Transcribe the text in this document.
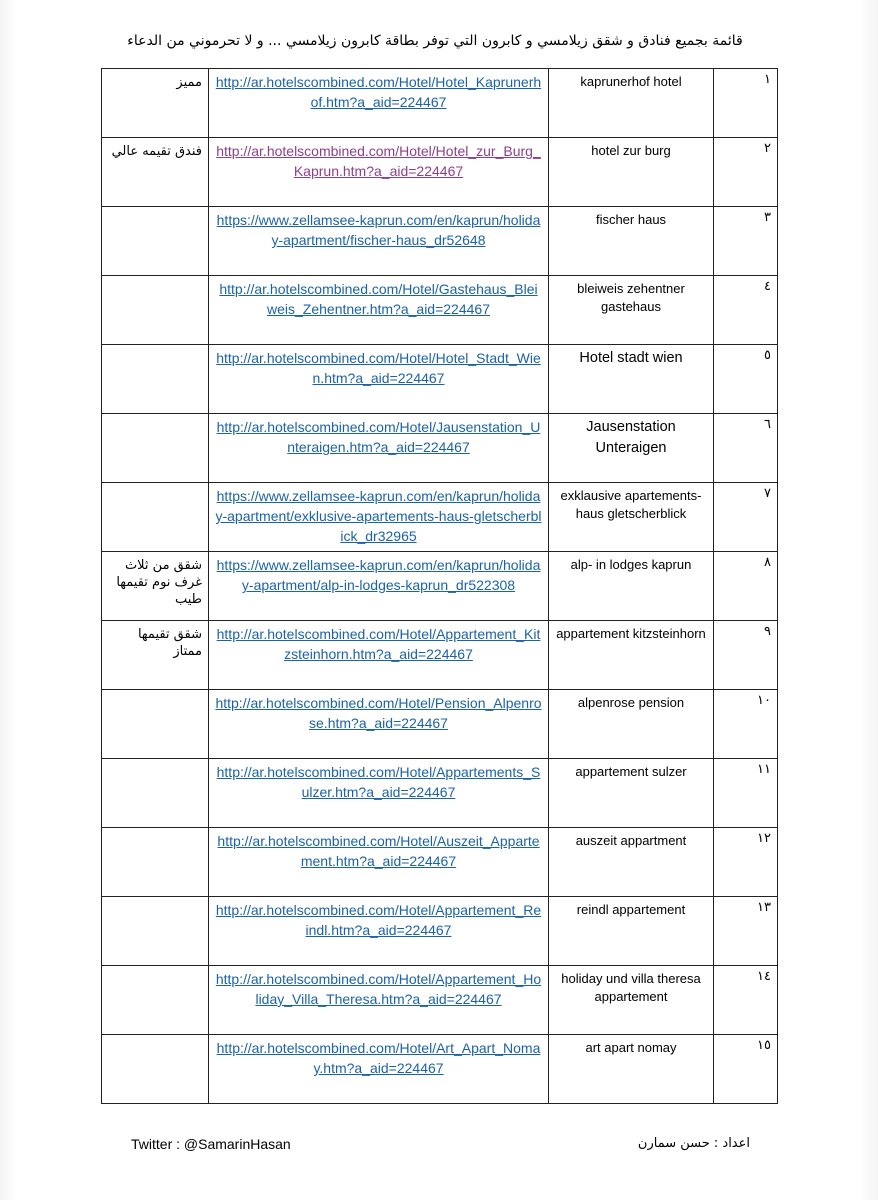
قائمة بجميع فنادق و شقق زيلامسي و كابرون التي توفر بطاقة كابرون زيلامسي ... و لا تحرموني من الدعاء
مميز	http://ar.hotelscombined.com/Hotel/Hotel_Kaprunerhof.htm?a_aid=224467	kaprunerhof hotel	١
فندق تقيمه عالي	http://ar.hotelscombined.com/Hotel/Hotel_zur_Burg_Kaprun.htm?a_aid=224467	hotel zur burg	٢

	https://www.zellamsee-kaprun.com/en/kaprun/holiday-apartment/fischer-haus_dr52648	fischer haus	٣

	http://ar.hotelscombined.com/Hotel/Gastehaus_Bleiweis_Zehentner.htm?a_aid=224467	bleiweis zehentner gastehaus	٤

	http://ar.hotelscombined.com/Hotel/Hotel_Stadt_Wien.htm?a_aid=224467	Hotel stadt wien	٥

	http://ar.hotelscombined.com/Hotel/Jausenstation_Unteraigen.htm?a_aid=224467	Jausenstation Unteraigen	٦

	https://www.zellamsee-kaprun.com/en/kaprun/holiday-apartment/exklusive-apartements-haus-gletscherblick_dr32965	exklausive apartements-haus gletscherblick	٧
شقق من ثلاث غرف نوم تقيمها طيب	https://www.zellamsee-kaprun.com/en/kaprun/holiday-apartment/alp-in-lodges-kaprun_dr522308	alp- in lodges kaprun	٨
شقق تقيمها ممتاز	http://ar.hotelscombined.com/Hotel/Appartement_Kitzsteinhorn.htm?a_aid=224467	appartement kitzsteinhorn	٩

	http://ar.hotelscombined.com/Hotel/Pension_Alpenrose.htm?a_aid=224467	alpenrose pension	١٠

	http://ar.hotelscombined.com/Hotel/Appartements_Sulzer.htm?a_aid=224467	appartement sulzer	١١

	http://ar.hotelscombined.com/Hotel/Auszeit_Appartement.htm?a_aid=224467	auszeit appartment	١٢

	http://ar.hotelscombined.com/Hotel/Appartement_Reindl.htm?a_aid=224467	reindl appartement	١٣

	http://ar.hotelscombined.com/Hotel/Appartement_Holiday_Villa_Theresa.htm?a_aid=224467	holiday und villa theresa appartement	١٤

	http://ar.hotelscombined.com/Hotel/Art_Apart_Nomay.htm?a_aid=224467	art apart nomay	١٥
Twitter : @SamarinHasan	اعداد : حسن سمارن
